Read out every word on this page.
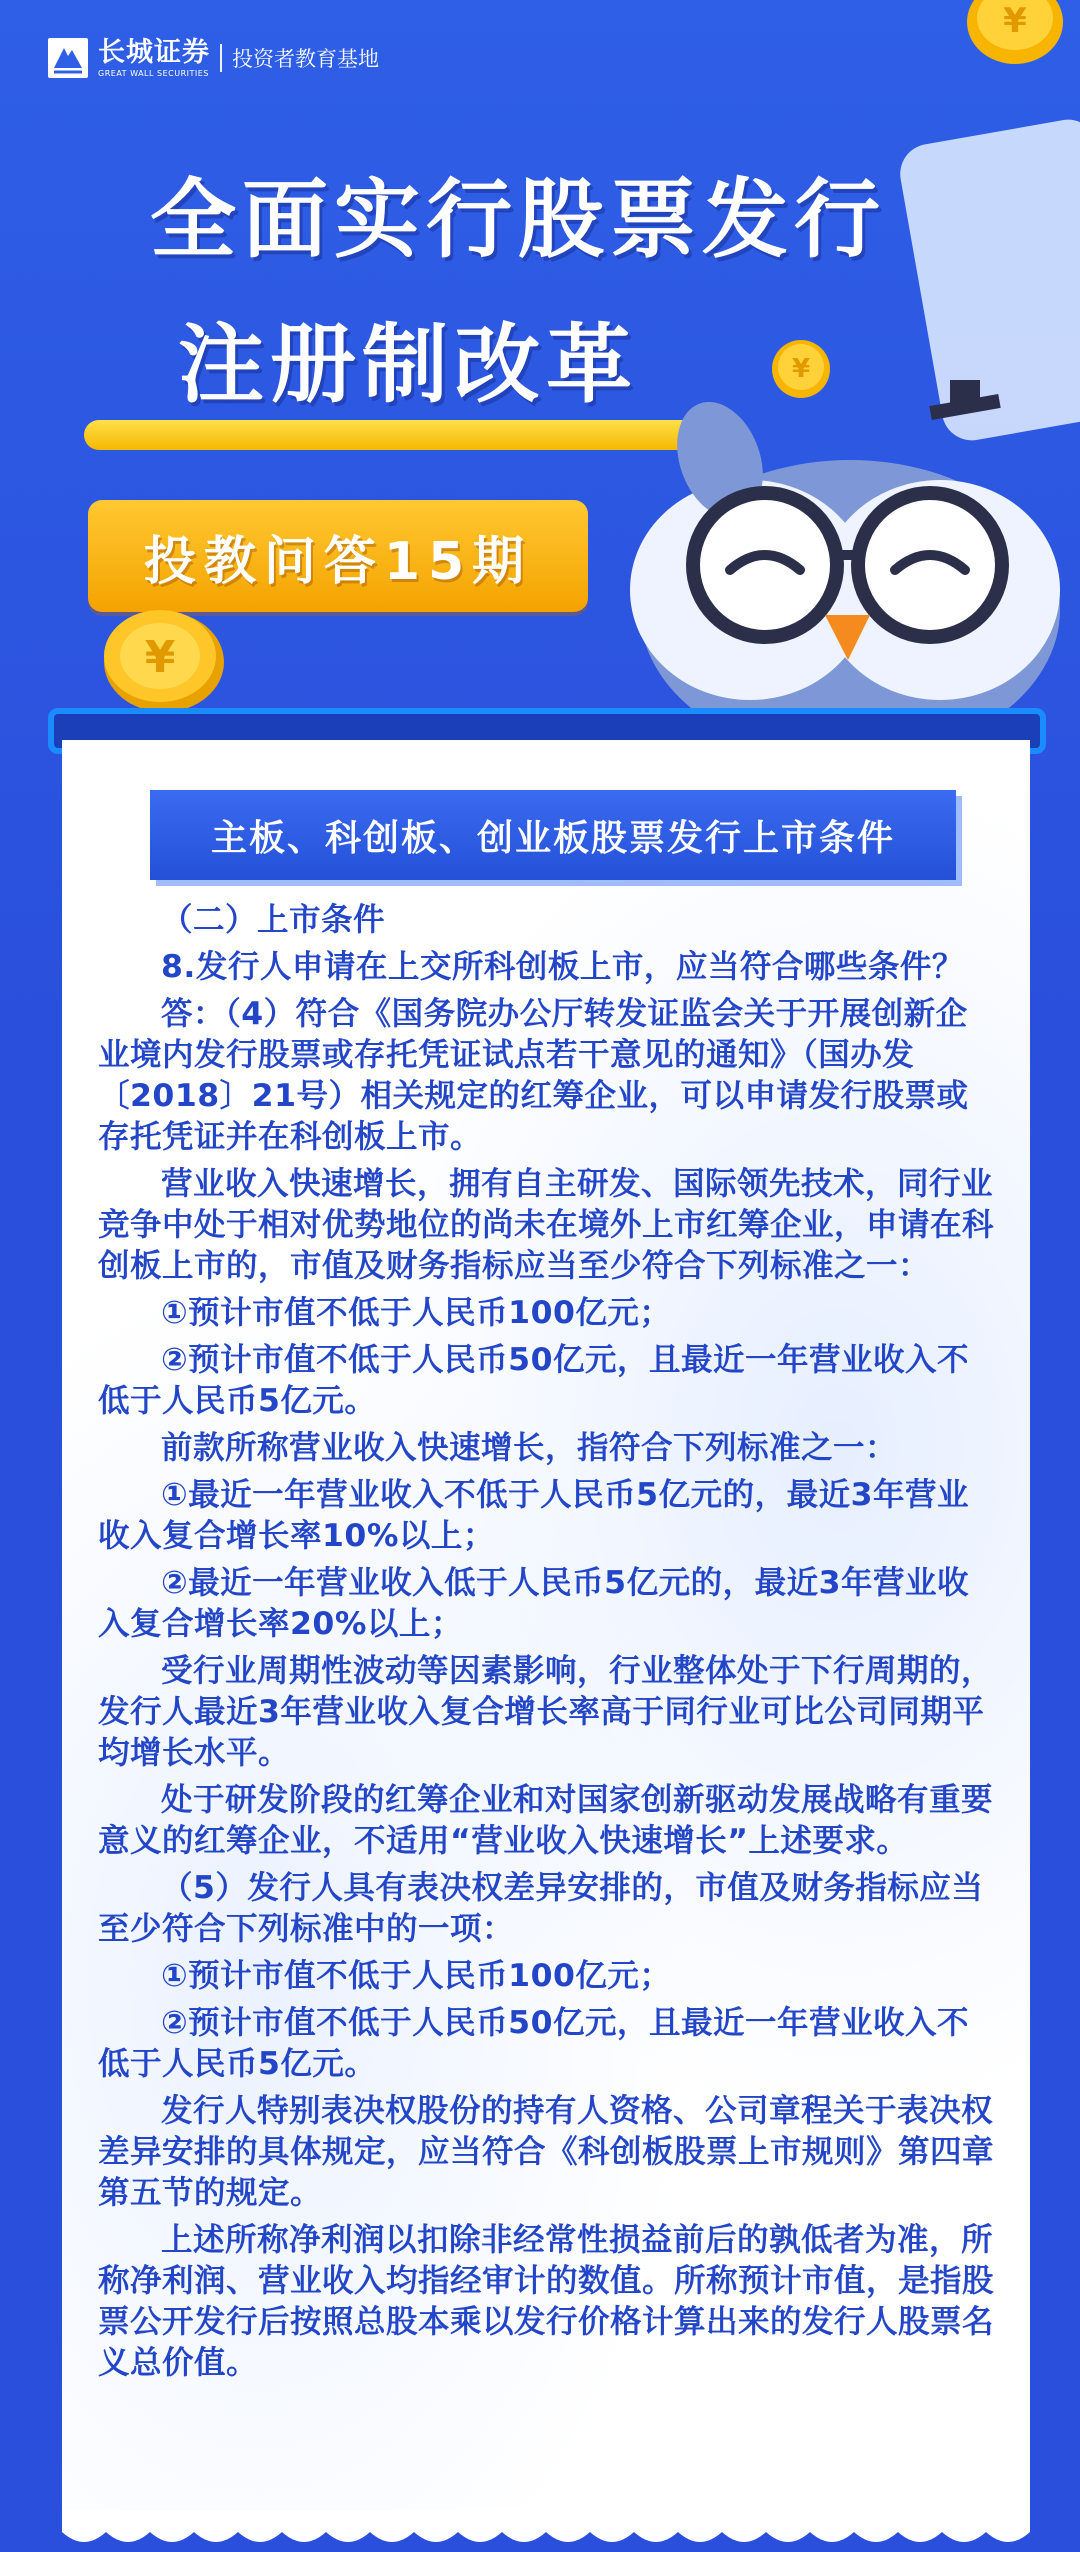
长城证券
GREAT WALL SECURITIES
投资者教育基地
¥
¥
全面实行股票发行
注册制改革
投教问答15期
¥
主板、科创板、创业板股票发行上市条件

（二）上市条件

8.发行人申请在上交所科创板上市，应当符合哪些条件？

答：（4）符合《国务院办公厅转发证监会关于开展创新企业境内发行股票或存托凭证试点若干意见的通知》（国办发〔2018〕21号）相关规定的红筹企业，可以申请发行股票或存托凭证并在科创板上市。

营业收入快速增长，拥有自主研发、国际领先技术，同行业竞争中处于相对优势地位的尚未在境外上市红筹企业，申请在科创板上市的，市值及财务指标应当至少符合下列标准之一：

①预计市值不低于人民币100亿元；

②预计市值不低于人民币50亿元，且最近一年营业收入不低于人民币5亿元。

前款所称营业收入快速增长，指符合下列标准之一：

①最近一年营业收入不低于人民币5亿元的，最近3年营业收入复合增长率10%以上；

②最近一年营业收入低于人民币5亿元的，最近3年营业收入复合增长率20%以上；

受行业周期性波动等因素影响，行业整体处于下行周期的，发行人最近3年营业收入复合增长率高于同行业可比公司同期平均增长水平。

处于研发阶段的红筹企业和对国家创新驱动发展战略有重要意义的红筹企业，不适用“营业收入快速增长”上述要求。

（5）发行人具有表决权差异安排的，市值及财务指标应当至少符合下列标准中的一项：

①预计市值不低于人民币100亿元；

②预计市值不低于人民币50亿元，且最近一年营业收入不低于人民币5亿元。

发行人特别表决权股份的持有人资格、公司章程关于表决权差异安排的具体规定，应当符合《科创板股票上市规则》第四章第五节的规定。

上述所称净利润以扣除非经常性损益前后的孰低者为准，所称净利润、营业收入均指经审计的数值。所称预计市值，是指股票公开发行后按照总股本乘以发行价格计算出来的发行人股票名义总价值。
